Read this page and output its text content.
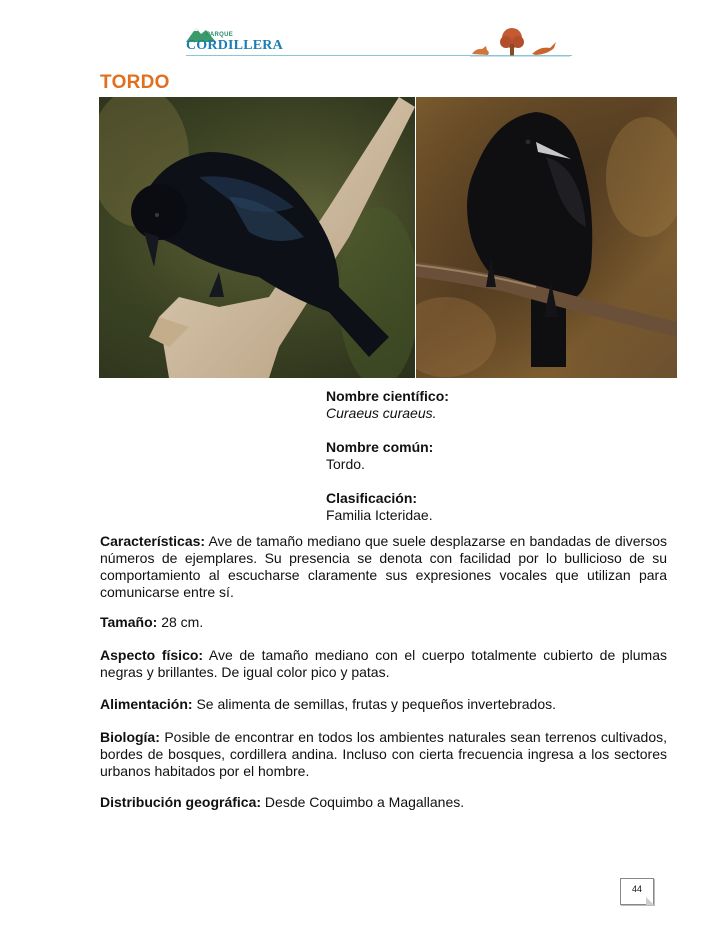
PARQUE
CORDILLERA
TORDO
Nombre científico:
Curaeus curaeus.
Nombre común:
Tordo.
Clasificación:
Familia Icteridae.

Características: Ave de tamaño mediano que suele desplazarse en bandadas de diversos números de ejemplares. Su presencia se denota con facilidad por lo bullicioso de su comportamiento al escucharse claramente sus expresiones vocales que utilizan para comunicarse entre sí.

Tamaño: 28 cm.

Aspecto físico: Ave de tamaño mediano con el cuerpo totalmente cubierto de plumas negras y brillantes. De igual color pico y patas.

Alimentación: Se alimenta de semillas, frutas y pequeños invertebrados.

Biología: Posible de encontrar en todos los ambientes naturales sean terrenos cultivados, bordes de bosques, cordillera andina. Incluso con cierta frecuencia ingresa a los sectores urbanos habitados por el hombre.

Distribución geográfica: Desde Coquimbo a Magallanes.

44
